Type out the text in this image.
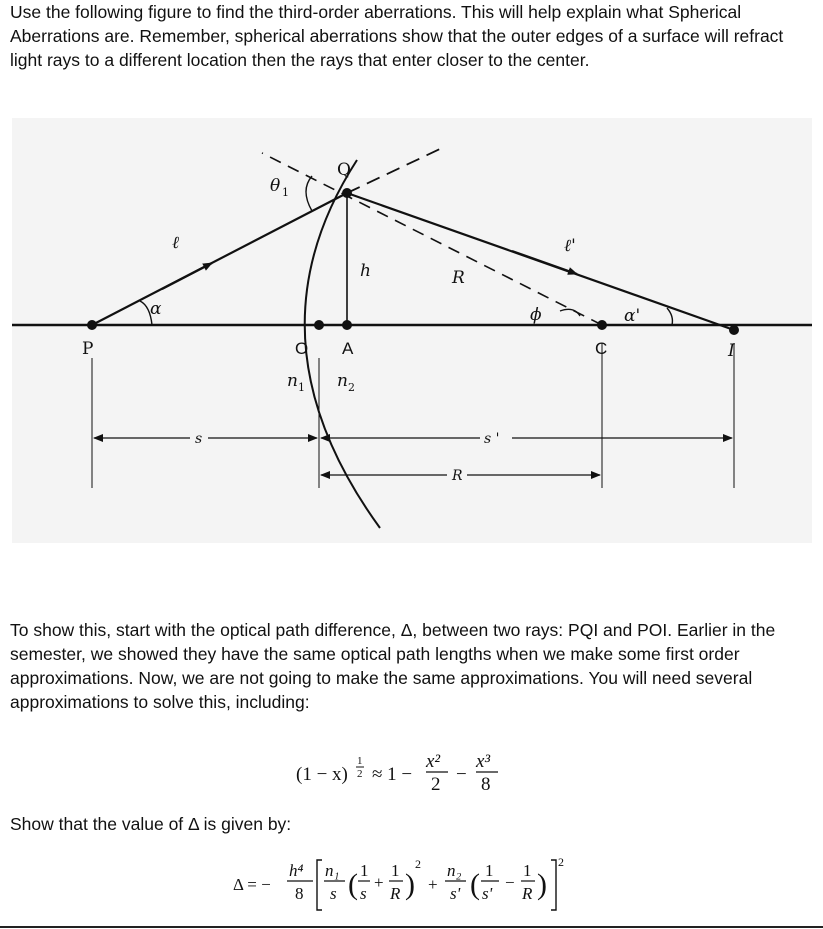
Use the following figure to find the third-order aberrations. This will help explain what Spherical Aberrations are. Remember, spherical aberrations show that the outer edges of a surface will refract light rays to a different location then the rays that enter closer to the center.

θ 1
Q
ℓ	ℓ'
h	R
ϕ
α	α'
P	O A	C	I
n 1 n 2
s	s '
R

To show this, start with the optical path difference, Δ, between two rays: PQI and POI. Earlier in the semester, we showed they have the same optical path lengths when we make some first order approximations. Now, we are not going to make the same approximations. You will need several approximations to solve this, including:

(1 − x)
1
2 ≈ 1 −
x²
2 −
x³
8

Show that the value of Δ is given by:

Δ = −
h⁴
8
n₁
s ( 1
s
+
1
R )
2
+
n₂
s' ( 1
s'
−
1
R )
2
